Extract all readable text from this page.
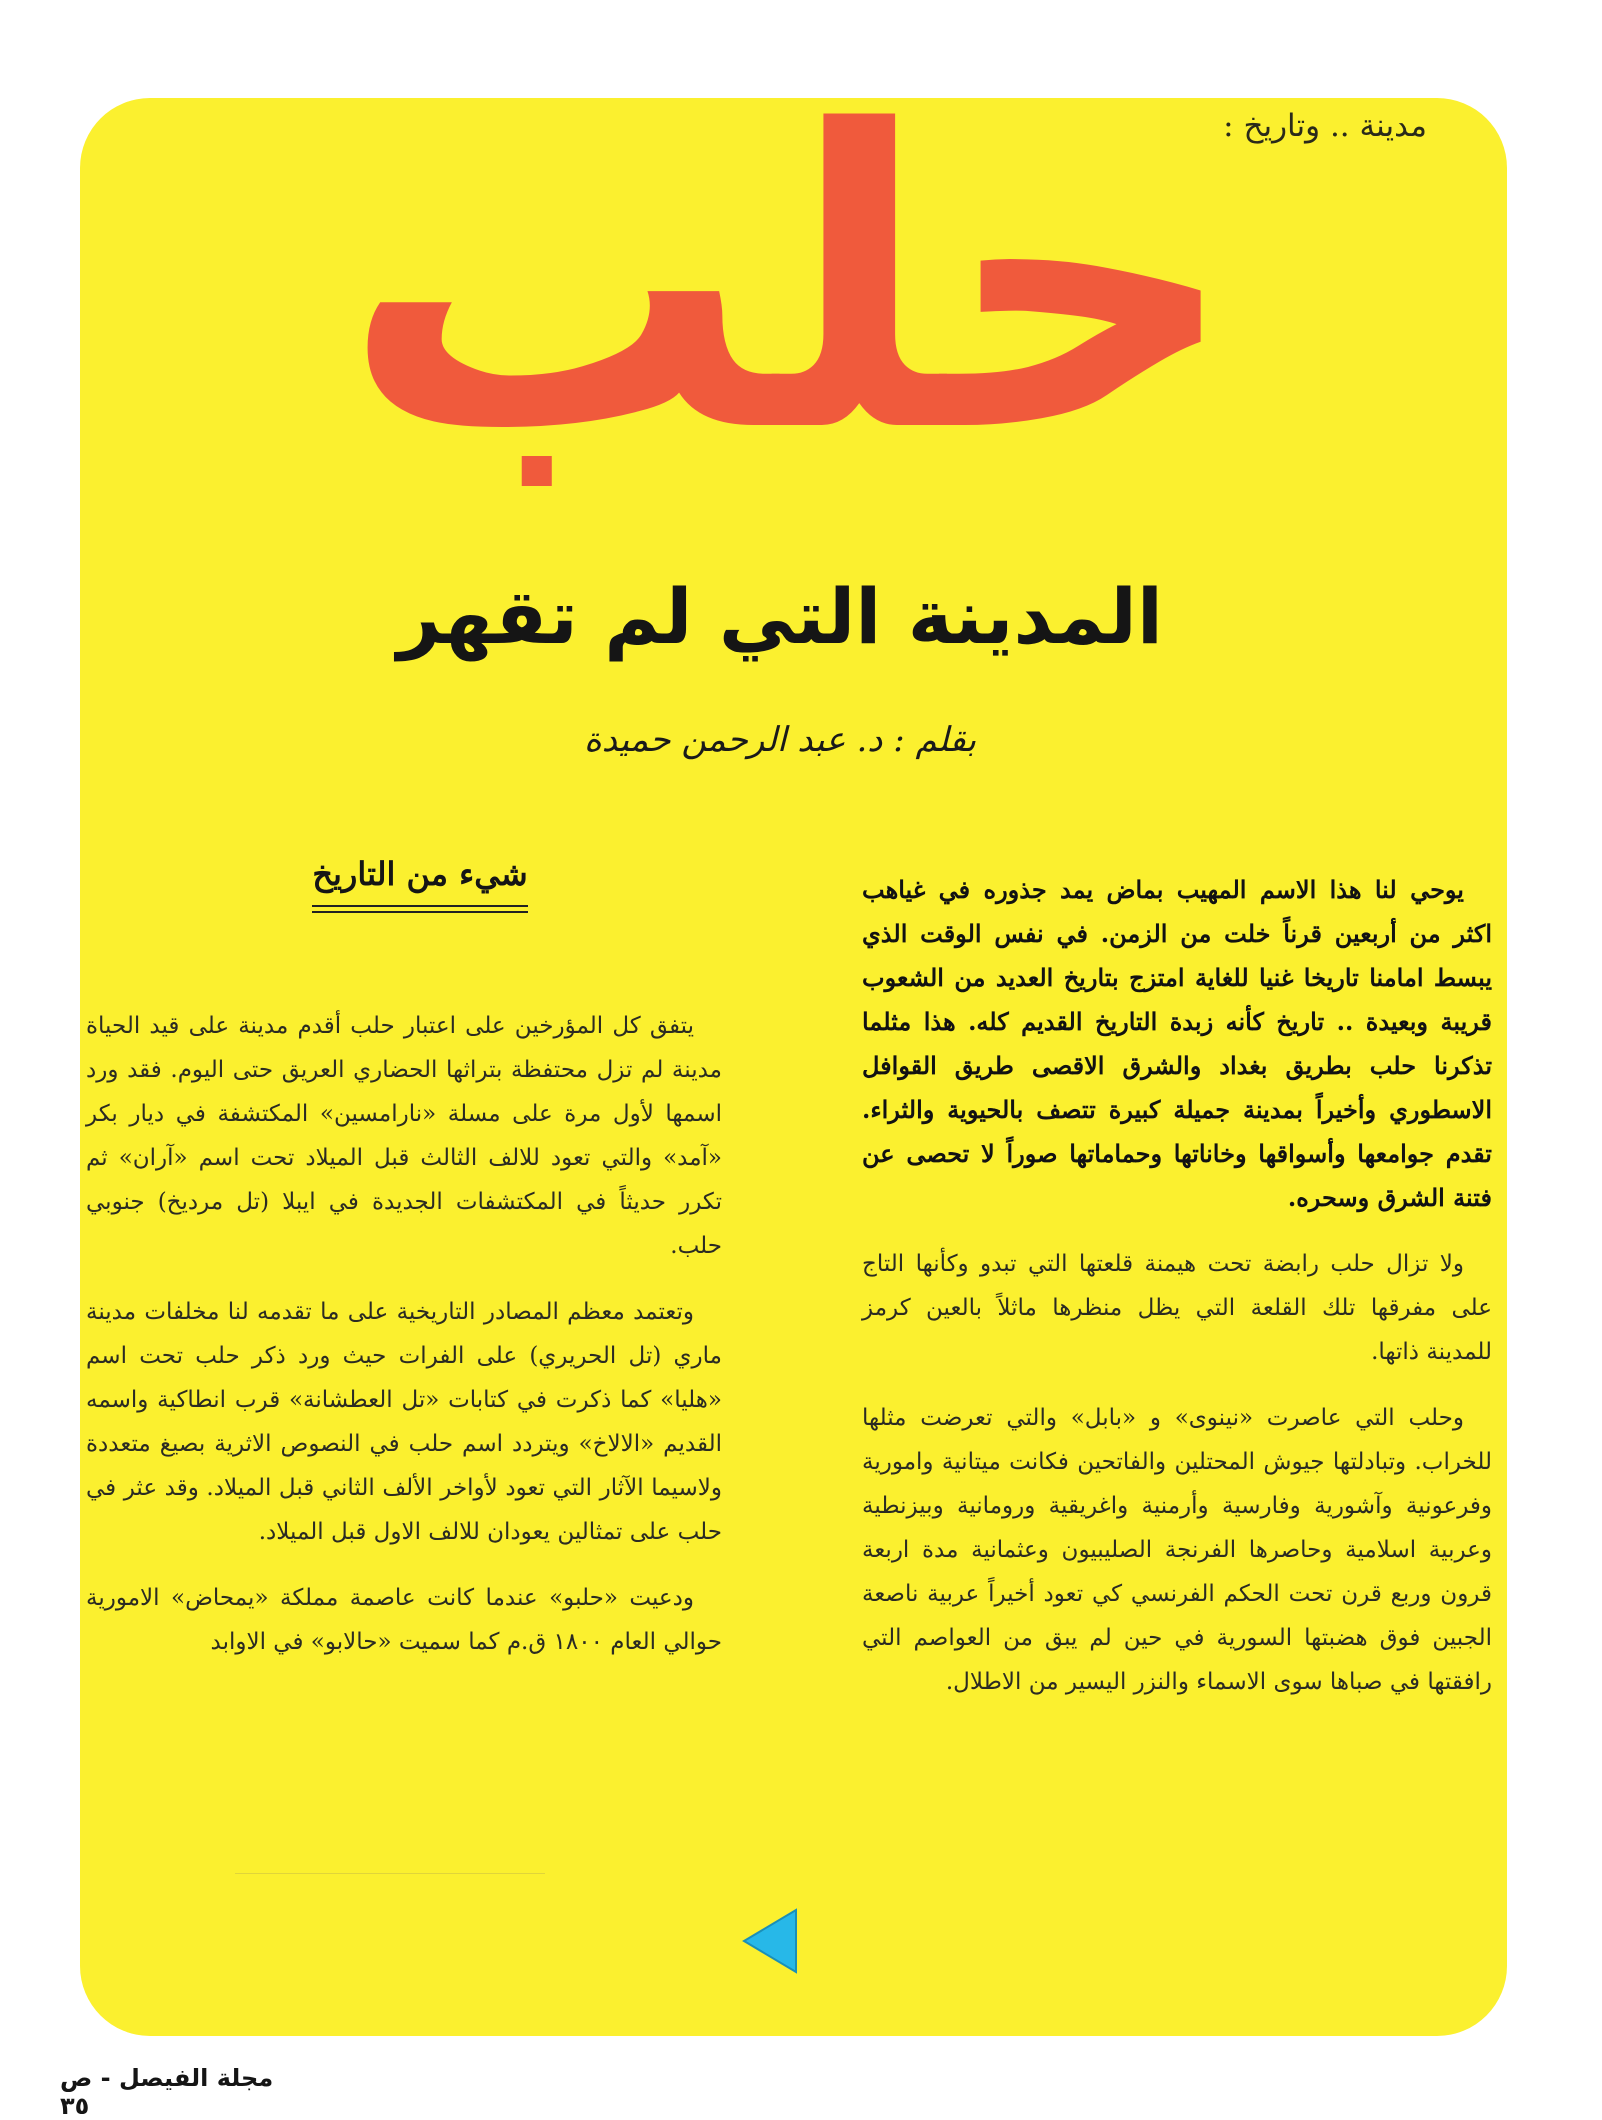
مدينة .. وتاريخ :
حلب
المدينة التي لم تقهر
بقلم : د. عبد الرحمن حميدة
شيء من التاريخ	يوحي لنا هذا الاسم المهيب بماض يمد جذوره في غياهب اكثر من أربعين قرناً خلت من الزمن. في نفس الوقت الذي يبسط امامنا تاريخا غنيا للغاية امتزج بتاريخ العديد من الشعوب قريبة وبعيدة .. تاريخ كأنه زبدة التاريخ القديم كله. هذا مثلما تذكرنا حلب بطريق بغداد والشرق الاقصى طريق القوافل الاسطوري وأخيراً بمدينة جميلة كبيرة تتصف بالحيوية والثراء. تقدم جوامعها وأسواقها وخاناتها وحماماتها صوراً لا تحصى عن فتنة الشرق وسحره.

ولا تزال حلب رابضة تحت هيمنة قلعتها التي تبدو وكأنها التاج على مفرقها تلك القلعة التي يظل منظرها ماثلاً بالعين كرمز للمدينة ذاتها.

وحلب التي عاصرت «نينوى» و «بابل» والتي تعرضت مثلها للخراب. وتبادلتها جيوش المحتلين والفاتحين فكانت ميتانية وامورية وفرعونية وآشورية وفارسية وأرمنية واغريقية ورومانية وبيزنطية وعربية اسلامية وحاصرها الفرنجة الصليبيون وعثمانية مدة اربعة قرون وربع قرن تحت الحكم الفرنسي كي تعود أخيراً عربية ناصعة الجبين فوق هضبتها السورية في حين لم يبق من العواصم التي رافقتها في صباها سوى الاسماء والنزر اليسير من الاطلال.

يتفق كل المؤرخين على اعتبار حلب أقدم مدينة على قيد الحياة مدينة لم تزل محتفظة بتراثها الحضاري العريق حتى اليوم. فقد ورد اسمها لأول مرة على مسلة «نارامسين» المكتشفة في ديار بكر «آمد» والتي تعود للالف الثالث قبل الميلاد تحت اسم «آران» ثم تكرر حديثاً في المكتشفات الجديدة في ايبلا (تل مرديخ) جنوبي حلب.

وتعتمد معظم المصادر التاريخية على ما تقدمه لنا مخلفات مدينة ماري (تل الحريري) على الفرات حيث ورد ذكر حلب تحت اسم «هليا» كما ذكرت في كتابات «تل العطشانة» قرب انطاكية واسمه القديم «الالاخ» ويتردد اسم حلب في النصوص الاثرية بصيغ متعددة ولاسيما الآثار التي تعود لأواخر الألف الثاني قبل الميلاد. وقد عثر في حلب على تمثالين يعودان للالف الاول قبل الميلاد.

ودعيت «حلبو» عندما كانت عاصمة مملكة «يمحاض» الامورية حوالي العام ١٨٠٠ ق.م كما سميت «حالابو» في الاوابد

مجلة الفيصل - ص ٣٥
